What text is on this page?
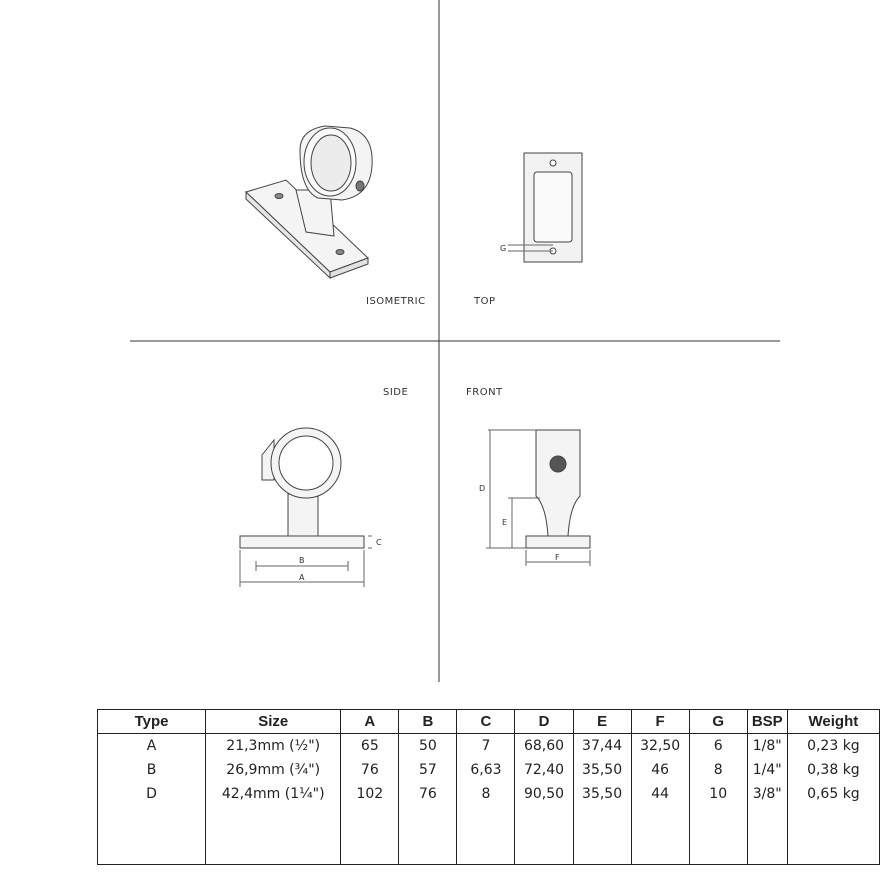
G
B
A
C
D
E
F
ISOMETRIC	TOP
SIDE	FRONT
Type	Size	A	B	C	D	E	F	G	BSP	Weight
A	21,3mm (½")	65	50	7	68,60	37,44	32,50	6	1/8"	0,23 kg
B	26,9mm (¾")	76	57	6,63	72,40	35,50	46	8	1/4"	0,38 kg
D	42,4mm (1¼")	102	76	8	90,50	35,50	44	10	3/8"	0,65 kg
